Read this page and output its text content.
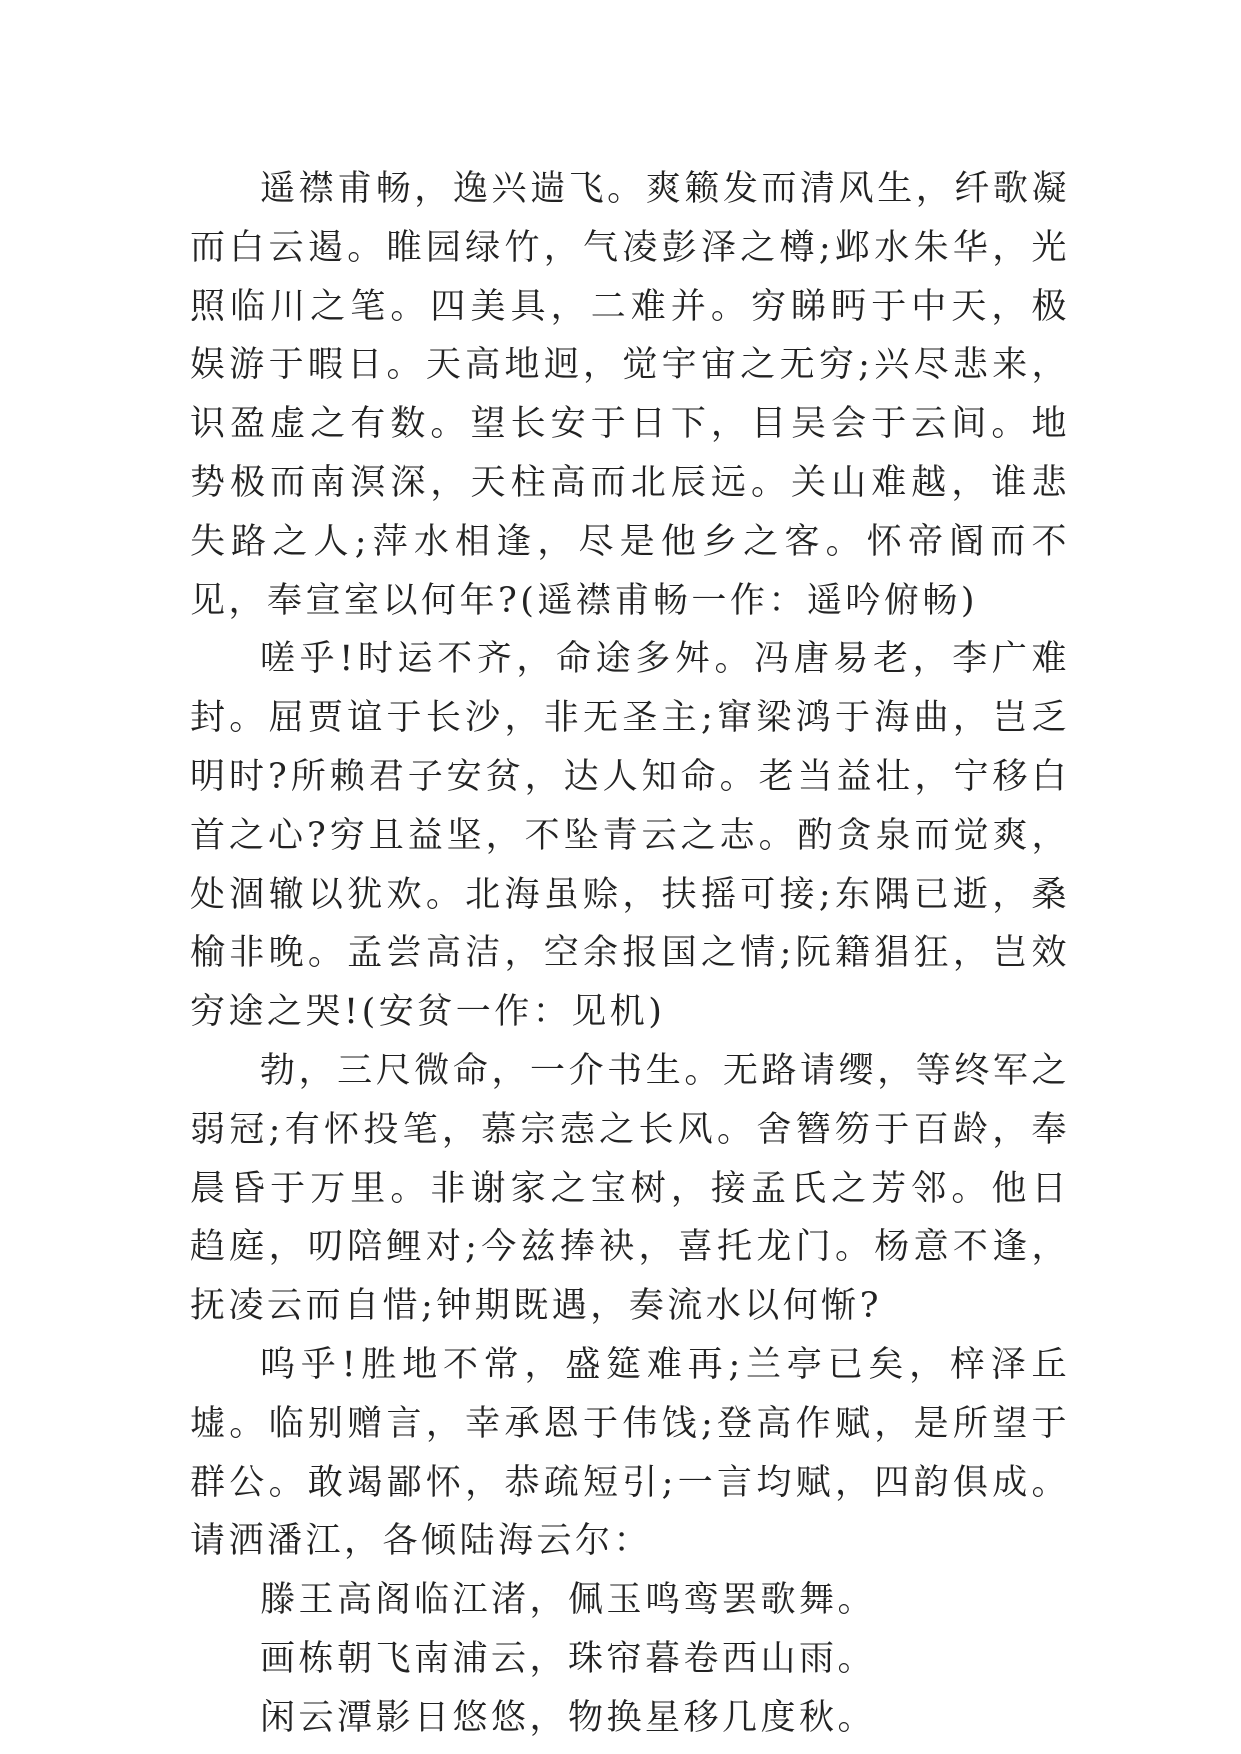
遥襟甫畅，逸兴遄飞。爽籁发而清风生，纤歌凝而白云遏。睢园绿竹，气凌彭泽之樽;邺水朱华，光照临川之笔。四美具，二难并。穷睇眄于中天，极娱游于暇日。天高地迥，觉宇宙之无穷;兴尽悲来，识盈虚之有数。望长安于日下，目吴会于云间。地势极而南溟深，天柱高而北辰远。关山难越，谁悲失路之人;萍水相逢，尽是他乡之客。怀帝阍而不见，奉宣室以何年?(遥襟甫畅一作：遥吟俯畅)

嗟乎!时运不齐，命途多舛。冯唐易老，李广难封。屈贾谊于长沙，非无圣主;窜梁鸿于海曲，岂乏明时?所赖君子安贫，达人知命。老当益壮，宁移白首之心?穷且益坚，不坠青云之志。酌贪泉而觉爽，处涸辙以犹欢。北海虽赊，扶摇可接;东隅已逝，桑榆非晚。孟尝高洁，空余报国之情;阮籍猖狂，岂效穷途之哭!(安贫一作：见机)

勃，三尺微命，一介书生。无路请缨，等终军之弱冠;有怀投笔，慕宗悫之长风。舍簪笏于百龄，奉晨昏于万里。非谢家之宝树，接孟氏之芳邻。他日趋庭，叨陪鲤对;今兹捧袂，喜托龙门。杨意不逢，抚凌云而自惜;钟期既遇，奏流水以何惭?

呜乎!胜地不常，盛筵难再;兰亭已矣，梓泽丘墟。临别赠言，幸承恩于伟饯;登高作赋，是所望于群公。敢竭鄙怀，恭疏短引;一言均赋，四韵俱成。请洒潘江，各倾陆海云尔：

滕王高阁临江渚，佩玉鸣鸾罢歌舞。

画栋朝飞南浦云，珠帘暮卷西山雨。

闲云潭影日悠悠，物换星移几度秋。
